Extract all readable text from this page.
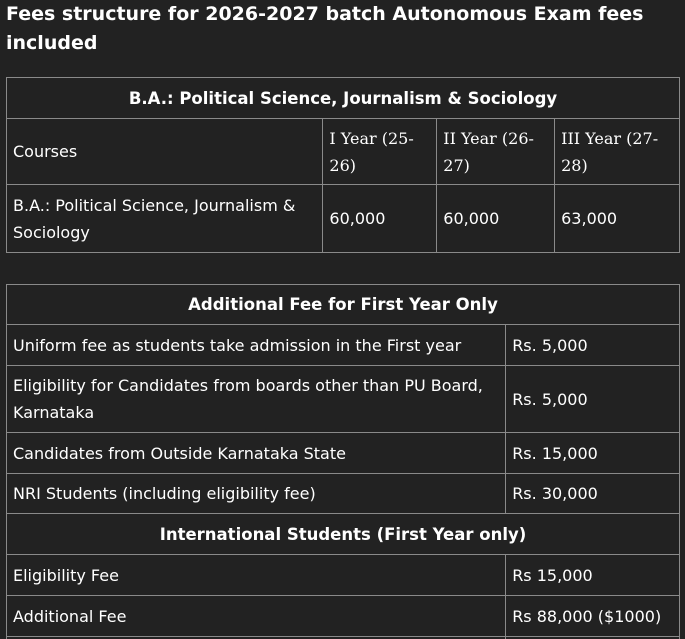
Fees structure for 2026-2027 batch Autonomous Exam fees included
B.A.: Political Science, Journalism & Sociology			
Courses	I Year (25-26)	II Year (26-27)	III Year (27-28)
B.A.: Political Science, Journalism & Sociology	60,000	60,000	63,000
Additional Fee for First Year Only	
Uniform fee as students take admission in the First year	Rs. 5,000
Eligibility for Candidates from boards other than PU Board, Karnataka	Rs. 5,000
Candidates from Outside Karnataka State	Rs. 15,000
NRI Students (including eligibility fee)	Rs. 30,000
International Students (First Year only)	
Eligibility Fee	Rs 15,000
Additional Fee	Rs 88,000 ($1000)
